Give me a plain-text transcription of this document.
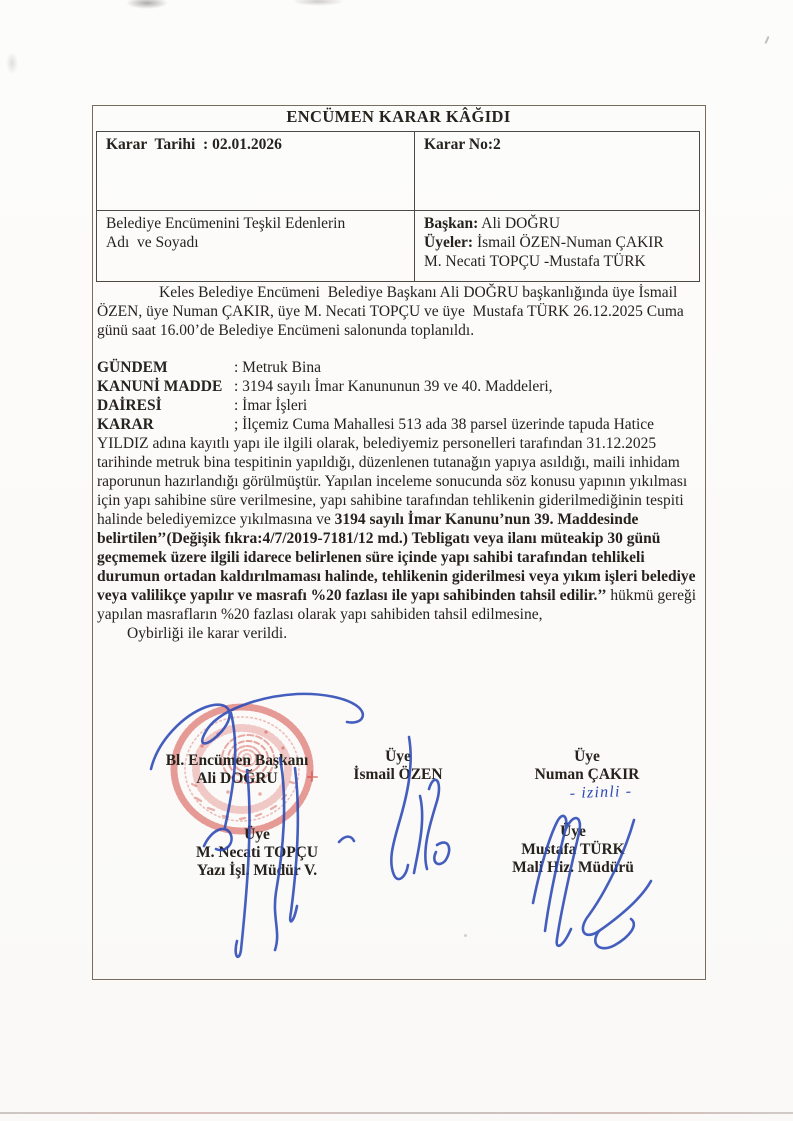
ENCÜMEN KARAR KÂĞIDI
Karar  Tarihi  : 02.01.2026	Karar No:2

Belediye Encümenini Teşkil Edenlerin
Adı  ve Soyadı	Başkan: Ali DOĞRU
Üyeler: İsmail ÖZEN-Numan ÇAKIR
M. Necati TOPÇU -Mustafa TÜRK

Keles Belediye Encümeni  Belediye Başkanı Ali DOĞRU başkanlığında üye İsmail ÖZEN, üye Numan ÇAKIR, üye M. Necati TOPÇU ve üye  Mustafa TÜRK 26.12.2025 Cuma günü saat 16.00’de Belediye Encümeni salonunda toplanıldı.

GÜNDEM	: Metruk Bina

KANUNİ MADDE : 3194 sayılı İmar Kanununun 39 ve 40. Maddeleri,

DAİRESİ	: İmar İşleri

KARAR	; İlçemiz Cuma Mahallesi 513 ada 38 parsel üzerinde tapuda Hatice YILDIZ adına kayıtlı yapı ile ilgili olarak, belediyemiz personelleri tarafından 31.12.2025 tarihinde metruk bina tespitinin yapıldığı, düzenlenen tutanağın yapıya asıldığı, maili inhidam raporunun hazırlandığı görülmüştür. Yapılan inceleme sonucunda söz konusu yapının yıkılması için yapı sahibine süre verilmesine, yapı sahibine tarafından tehlikenin giderilmediğinin tespiti halinde belediyemizce yıkılmasına ve 3194 sayılı İmar Kanunu’nun 39. Maddesinde belirtilen’’(Değişik fıkra:4/7/2019-7181/12 md.) Tebligatı veya ilanı müteakip 30 günü geçmemek üzere ilgili idarece belirlenen süre içinde yapı sahibi tarafından tehlikeli durumun ortadan kaldırılmaması halinde, tehlikenin giderilmesi veya yıkım işleri belediye veya valilikçe yapılır ve masrafı %20 fazlası ile yapı sahibinden tahsil edilir.’’ hükmü gereği yapılan masrafların %20 fazlası olarak yapı sahibiden tahsil edilmesine,

Oybirliği ile karar verildi.

Bl. Encümen Başkanı
Ali DOĞRU
Üye
İsmail ÖZEN
Üye
Numan ÇAKIR
- izinli -
Üye
M. Necati TOPÇU
Yazı İşl. Müdür V.
Üye
Mustafa TÜRK
Mali Hiz. Müdürü
